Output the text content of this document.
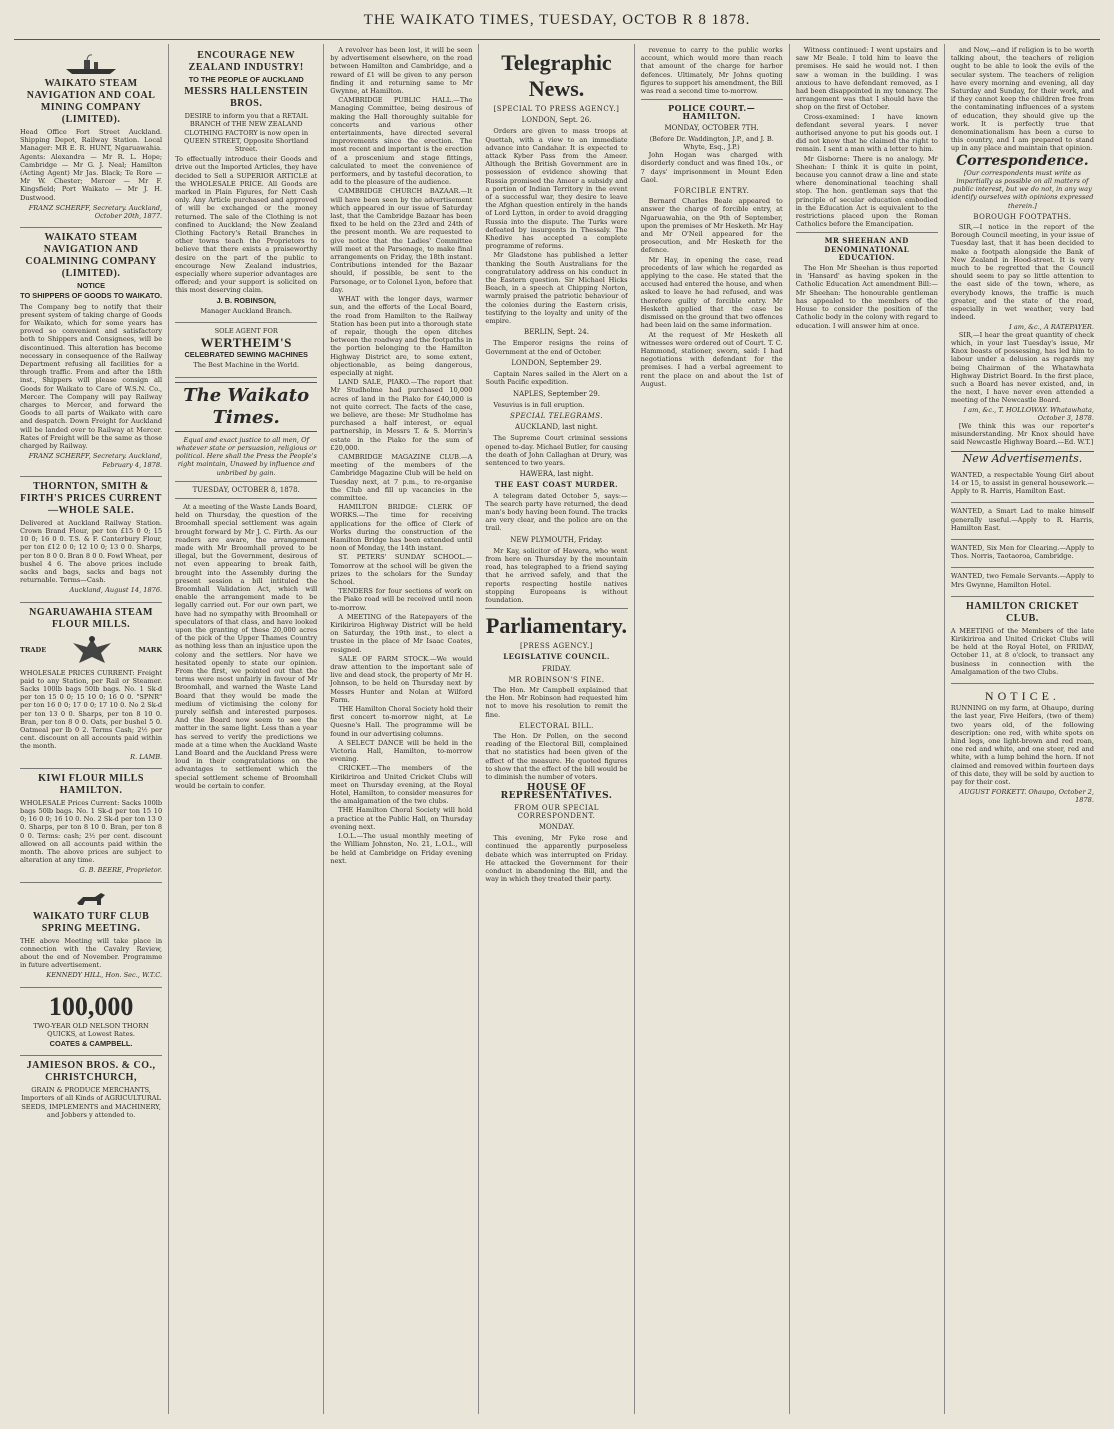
THE WAIKATO TIMES, TUESDAY, OCTOB R 8 1878.
WAIKATO STEAM NAVIGATION AND COAL MINING COMPANY (LIMITED).

Head Office Fort Street Auckland. Shipping Depot, Railway Station. Local Manager: MR E. R. HUNT, Ngaruawahia. Agents: Alexandra — Mr R. L. Hope; Cambridge — Mr G. J. Neal; Hamilton (Acting Agent) Mr Jas. Black; Te Rore — Mr W. Chester; Mercer — Mr F. Kingsfield; Port Waikato — Mr J. H. Dustwood.

FRANZ SCHERFF, Secretary. Auckland, October 20th, 1877.

WAIKATO STEAM NAVIGATION AND COALMINING COMPANY (LIMITED).
NOTICE
TO SHIPPERS OF GOODS TO WAIKATO.

The Company beg to notify that their present system of taking charge of Goods for Waikato, which for some years has proved so convenient and satisfactory both to Shippers and Consignees, will be discontinued. This alteration has become necessary in consequence of the Railway Department refusing all facilities for a through traffic. From and after the 18th inst., Shippers will please consign all Goods for Waikato to Care of W.S.N. Co., Mercer. The Company will pay Railway charges to Mercer, and forward the Goods to all parts of Waikato with care and despatch. Down Freight for Auckland will be landed over to Railway at Mercer. Rates of Freight will be the same as those charged by Railway.

FRANZ SCHERFF, Secretary. Auckland, February 4, 1878.

THORNTON, SMITH & FIRTH'S PRICES CURRENT—WHOLE SALE.

Delivered at Auckland Railway Station. Crown Brand Flour, per ton £15 0 0; 15 10 0; 16 0 0. T.S. & F. Canterbury Flour, per ton £12 0 0; 12 10 0; 13 0 0. Sharps, per ton 8 0 0. Bran 8 0 0. Fowl Wheat, per bushel 4 6. The above prices include sacks and bags, sacks and bags not returnable. Terms—Cash.

Auckland, August 14, 1876.

NGARUAWAHIA STEAM FLOUR MILLS.
TRADE	MARK

WHOLESALE PRICES CURRENT: Freight paid to any Station, per Rail or Steamer. Sacks 100lb bags 50lb bags. No. 1 Sk-d per ton 15 0 0; 15 10 0; 16 0 0. "SPNR" per ton 16 0 0; 17 0 0; 17 10 0. No 2 Sk-d per ton 13 0 0. Sharps, per ton 8 10 0. Bran, per ton 8 0 0. Oats, per bushel 5 0. Oatmeal per lb 0 2. Terms Cash; 2½ per cent. discount on all accounts paid within the month.

R. LAMB.

KIWI FLOUR MILLS HAMILTON.

WHOLESALE Prices Current: Sacks 100lb bags 50lb bags. No. 1 Sk-d per ton 15 10 0; 16 0 0; 16 10 0. No. 2 Sk-d per ton 13 0 0. Sharps, per ton 8 10 0. Bran, per ton 8 0 0. Terms: cash; 2½ per cent. discount allowed on all accounts paid within the month. The above prices are subject to alteration at any time.

G. B. BEERE, Proprietor.

WAIKATO TURF CLUB SPRING MEETING.

THE above Meeting will take place in connection with the Cavalry Review, about the end of November. Programme in future advertisement.

KENNEDY HILL, Hon. Sec., W.T.C.

100,000

TWO-YEAR OLD NELSON THORN QUICKS, at Lowest Rates.

COATES & CAMPBELL.
JAMIESON BROS. & CO., CHRISTCHURCH,

GRAIN & PRODUCE MERCHANTS, Importers of all Kinds of AGRICULTURAL SEEDS, IMPLEMENTS and MACHINERY, and Jobbers y attended to.

ENCOURAGE NEW ZEALAND INDUSTRY!
TO THE PEOPLE OF AUCKLAND
MESSRS HALLENSTEIN BROS.

DESIRE to inform you that a RETAIL BRANCH of THE NEW ZEALAND CLOTHING FACTORY is now open in QUEEN STREET, Opposite Shortland Street.

To effectually introduce their Goods and drive out the Imported Articles, they have decided to Sell a SUPERIOR ARTICLE at the WHOLESALE PRICE. All Goods are marked in Plain Figures, for Nett Cash only. Any Article purchased and approved of will be exchanged or the money returned. The sale of the Clothing is not confined to Auckland; the New Zealand Clothing Factory's Retail Branches in other towns teach the Proprietors to believe that there exists a praiseworthy desire on the part of the public to encourage New Zealand industries, especially where superior advantages are offered; and your support is solicited on this most deserving claim.

J. B. ROBINSON,

Manager Auckland Branch.

SOLE AGENT FOR

WERTHEIM'S
CELEBRATED SEWING MACHINES

The Best Machine in the World.

The Waikato Times.

Equal and exact justice to all men, Of whatever state or persuasion, religious or political. Here shall the Press the People's right maintain, Unawed by influence and unbribed by gain.

TUESDAY, OCTOBER 8, 1878.

At a meeting of the Waste Lands Board, held on Thursday, the question of the Broomhall special settlement was again brought forward by Mr J. C. Firth. As our readers are aware, the arrangement made with Mr Broomhall proved to be illegal, but the Government, desirous of not even appearing to break faith, brought into the Assembly during the present session a bill intituled the Broomhall Validation Act, which will enable the arrangement made to be legally carried out. For our own part, we have had no sympathy with Broomhall or speculators of that class, and have looked upon the granting of these 20,000 acres of the pick of the Upper Thames Country as nothing less than an injustice upon the colony and the settlers. Nor have we hesitated openly to state our opinion. From the first, we pointed out that the terms were most unfairly in favour of Mr Broomhall, and warned the Waste Land Board that they would be made the medium of victimising the colony for purely selfish and interested purposes. And the Board now seem to see the matter in the same light. Less than a year has served to verify the predictions we made at a time when the Auckland Waste Land Board and the Auckland Press were loud in their congratulations on the advantages to settlement which the special settlement scheme of Broomhall would be certain to confer.

A revolver has been lost, it will be seen by advertisement elsewhere, on the road between Hamilton and Cambridge, and a reward of £1 will be given to any person finding it and returning same to Mr Gwynne, at Hamilton.

CAMBRIDGE PUBLIC HALL.—The Managing Committee, being desirous of making the Hall thoroughly suitable for concerts and various other entertainments, have directed several improvements since the erection. The most recent and important is the erection of a proscenium and stage fittings, calculated to meet the convenience of performers, and by tasteful decoration, to add to the pleasure of the audience.

CAMBRIDGE CHURCH BAZAAR.—It will have been seen by the advertisement which appeared in our issue of Saturday last, that the Cambridge Bazaar has been fixed to be held on the 23rd and 24th of the present month. We are requested to give notice that the Ladies' Committee will meet at the Parsonage, to make final arrangements on Friday, the 18th instant. Contributions intended for the Bazaar should, if possible, be sent to the Parsonage, or to Colonel Lyon, before that day.

WHAT with the longer days, warmer sun, and the efforts of the Local Board, the road from Hamilton to the Railway Station has been put into a thorough state of repair, though the open ditches between the roadway and the footpaths in the portion belonging to the Hamilton Highway District are, to some extent, objectionable, as being dangerous, especially at night.

LAND SALE, PIAKO.—The report that Mr Studholme had purchased 10,000 acres of land in the Piako for £40,000 is not quite correct. The facts of the case, we believe, are these: Mr Studholme has purchased a half interest, or equal partnership, in Messrs T. & S. Morrin's estate in the Piako for the sum of £20,000.

CAMBRIDGE MAGAZINE CLUB.—A meeting of the members of the Cambridge Magazine Club will be held on Tuesday next, at 7 p.m., to re-organise the Club and fill up vacancies in the committee.

HAMILTON BRIDGE: CLERK OF WORKS.—The time for receiving applications for the office of Clerk of Works during the construction of the Hamilton Bridge has been extended until noon of Monday, the 14th instant.

ST. PETERS' SUNDAY SCHOOL.—Tomorrow at the school will be given the prizes to the scholars for the Sunday School.

TENDERS for four sections of work on the Piako road will be received until noon to-morrow.

A MEETING of the Ratepayers of the Kirikiriroa Highway District will be held on Saturday, the 19th inst., to elect a trustee in the place of Mr Isaac Coates, resigned.

SALE OF FARM STOCK.—We would draw attention to the important sale of live and dead stock, the property of Mr H. Johnson, to be held on Thursday next by Messrs Hunter and Nolan at Wilford Farm.

THE Hamilton Choral Society hold their first concert to-morrow night, at Le Quesne's Hall. The programme will be found in our advertising columns.

A SELECT DANCE will be held in the Victoria Hall, Hamilton, to-morrow evening.

CRICKET.—The members of the Kirikiriroa and United Cricket Clubs will meet on Thursday evening, at the Royal Hotel, Hamilton, to consider measures for the amalgamation of the two clubs.

THE Hamilton Choral Society will hold a practice at the Public Hall, on Thursday evening next.

I.O.L.—The usual monthly meeting of the William Johnston, No. 21, L.O.L., will be held at Cambridge on Friday evening next.

Telegraphic News.

[SPECIAL TO PRESS AGENCY.]

LONDON, Sept. 26.

Orders are given to mass troops at Quettah, with a view to an immediate advance into Candahar. It is expected to attack Kyber Pass from the Ameer. Although the British Government are in possession of evidence showing that Russia promised the Ameer a subsidy and a portion of Indian Territory in the event of a successful war, they desire to leave the Afghan question entirely in the hands of Lord Lytton, in order to avoid dragging Russia into the dispute. The Turks were defeated by insurgents in Thessaly. The Khedive has accepted a complete programme of reforms.

Mr Gladstone has published a letter thanking the South Australians for the congratulatory address on his conduct in the Eastern question. Sir Michael Hicks Beach, in a speech at Chipping Norton, warmly praised the patriotic behaviour of the colonies during the Eastern crisis, testifying to the loyalty and unity of the empire.

BERLIN, Sept. 24.

The Emperor resigns the reins of Government at the end of October.

LONDON, September 29.

Captain Nares sailed in the Alert on a South Pacific expedition.

NAPLES, September 29.

Vesuvius is in full eruption.

SPECIAL TELEGRAMS.

AUCKLAND, last night.

The Supreme Court criminal sessions opened to-day. Michael Butler, for causing the death of John Callaghan at Drury, was sentenced to two years.

HAWERA, last night.

THE EAST COAST MURDER.

A telegram dated October 5, says:— The search party have returned, the dead man's body having been found. The tracks are very clear, and the police are on the trail.

NEW PLYMOUTH, Friday.

Mr Kay, solicitor of Hawera, who went from here on Thursday by the mountain road, has telegraphed to a friend saying that he arrived safely, and that the reports respecting hostile natives stopping Europeans is without foundation.

Parliamentary.

[PRESS AGENCY.]

LEGISLATIVE COUNCIL.

FRIDAY.

MR ROBINSON'S FINE.

The Hon. Mr Campbell explained that the Hon. Mr Robinson had requested him not to move his resolution to remit the fine.

ELECTORAL BILL.

The Hon. Dr Pollen, on the second reading of the Electoral Bill, complained that no statistics had been given of the effect of the measure. He quoted figures to show that the effect of the bill would be to diminish the number of voters.

HOUSE OF REPRESENTATIVES.

FROM OUR SPECIAL CORRESPONDENT.

MONDAY.

This evening, Mr Fyke rose and continued the apparently purposeless debate which was interrupted on Friday. He attacked the Government for their conduct in abandoning the Bill, and the way in which they treated their party.

revenue to carry to the public works account, which would more than reach that amount of the charge for harbor defences. Ultimately, Mr Johns quoting figures to support his amendment, the Bill was read a second time to-morrow.

POLICE COURT.—HAMILTON.

MONDAY, OCTOBER 7TH.

(Before Dr. Waddington, J.P., and J. B. Whyte, Esq., J.P.)

John Hogan was charged with disorderly conduct and was fined 10s., or 7 days' imprisonment in Mount Eden Gaol.

FORCIBLE ENTRY.

Bernard Charles Beale appeared to answer the charge of forcible entry, at Ngaruawahia, on the 9th of September, upon the premises of Mr Hesketh. Mr Hay and Mr O'Neil appeared for the prosecution, and Mr Hesketh for the defence.

Mr Hay, in opening the case, read precedents of law which he regarded as applying to the case. He stated that the accused had entered the house, and when asked to leave he had refused, and was therefore guilty of forcible entry. Mr Hesketh applied that the case be dismissed on the ground that two offences had been laid on the same information.

At the request of Mr Hesketh all witnesses were ordered out of Court. T. C. Hammond, stationer, sworn, said: I had negotiations with defendant for the premises. I had a verbal agreement to rent the place on and about the 1st of August.

Witness continued: I went upstairs and saw Mr Beale. I told him to leave the premises. He said he would not. I then saw a woman in the building. I was anxious to have defendant removed, as I had been disappointed in my tenancy. The arrangement was that I should have the shop on the first of October.

Cross-examined: I have known defendant several years. I never authorised anyone to put his goods out. I did not know that he claimed the right to remain. I sent a man with a letter to him.

Mr Gisborne: There is no analogy. Mr Sheehan: I think it is quite in point, because you cannot draw a line and state where denominational teaching shall stop. The hon. gentleman says that the principle of secular education embodied in the Education Act is equivalent to the restrictions placed upon the Roman Catholics before the Emancipation.

MR SHEEHAN AND DENOMINATIONAL EDUCATION.

The Hon Mr Sheehan is thus reported in 'Hansard' as having spoken in the Catholic Education Act amendment Bill:— Mr Sheehan: The honourable gentleman has appealed to the members of the House to consider the position of the Catholic body in the colony with regard to education. I will answer him at once.

and Now,—and if religion is to be worth talking about, the teachers of religion ought to be able to look the evils of the secular system. The teachers of religion have every morning and evening, all day Saturday and Sunday, for their work, and if they cannot keep the children free from the contaminating influences of a system of education, they should give up the work. It is perfectly true that denominationalism has been a curse to this country, and I am prepared to stand up in any place and maintain that opinion.

Correspondence.

[Our correspondents must write as impartially as possible on all matters of public interest, but we do not, in any way identify ourselves with opinions expressed therein.]

BOROUGH FOOTPATHS.

SIR,—I notice in the report of the Borough Council meeting, in your issue of Tuesday last, that it has been decided to make a footpath alongside the Bank of New Zealand in Hood-street. It is very much to be regretted that the Council should seem to pay so little attention to the east side of the town, where, as everybody knows, the traffic is much greater, and the state of the road, especially in wet weather, very bad indeed.

I am, &c., A RATEPAYER.

SIR,—I hear the great quantity of check which, in your last Tuesday's issue, Mr Knox boasts of possessing, has led him to labour under a delusion as regards my being Chairman of the Whatawhata Highway District Board. In the first place, such a Board has never existed, and, in the next, I have never even attended a meeting of the Newcastle Board.

I am, &c., T. HOLLOWAY. Whatawhata, October 3, 1878.

[We think this was our reporter's misunderstanding. Mr Knox should have said Newcastle Highway Board.—Ed. W.T.]

New Advertisements.

WANTED, a respectable Young Girl about 14 or 15, to assist in general housework.—Apply to R. Harris, Hamilton East.

WANTED, a Smart Lad to make himself generally useful.—Apply to R. Harris, Hamilton East.

WANTED, Six Men for Clearing.—Apply to Thos. Norris, Taotaoroa, Cambridge.

WANTED, two Female Servants.—Apply to Mrs Gwynne, Hamilton Hotel.

HAMILTON CRICKET CLUB.

A MEETING of the Members of the late Kirikiriroa and United Cricket Clubs will be held at the Royal Hotel, on FRIDAY, October 11, at 8 o'clock, to transact any business in connection with the Amalgamation of the two Clubs.

NOTICE.

RUNNING on my farm, at Ohaupo, during the last year, Five Heifers, (two of them) two years old, of the following description: one red, with white spots on hind legs, one light-brown and red roan, one red and white, and one steer, red and white, with a lump behind the horn. If not claimed and removed within fourteen days of this date, they will be sold by auction to pay for their cost.

AUGUST FORKETT. Ohaupo, October 2, 1878.
